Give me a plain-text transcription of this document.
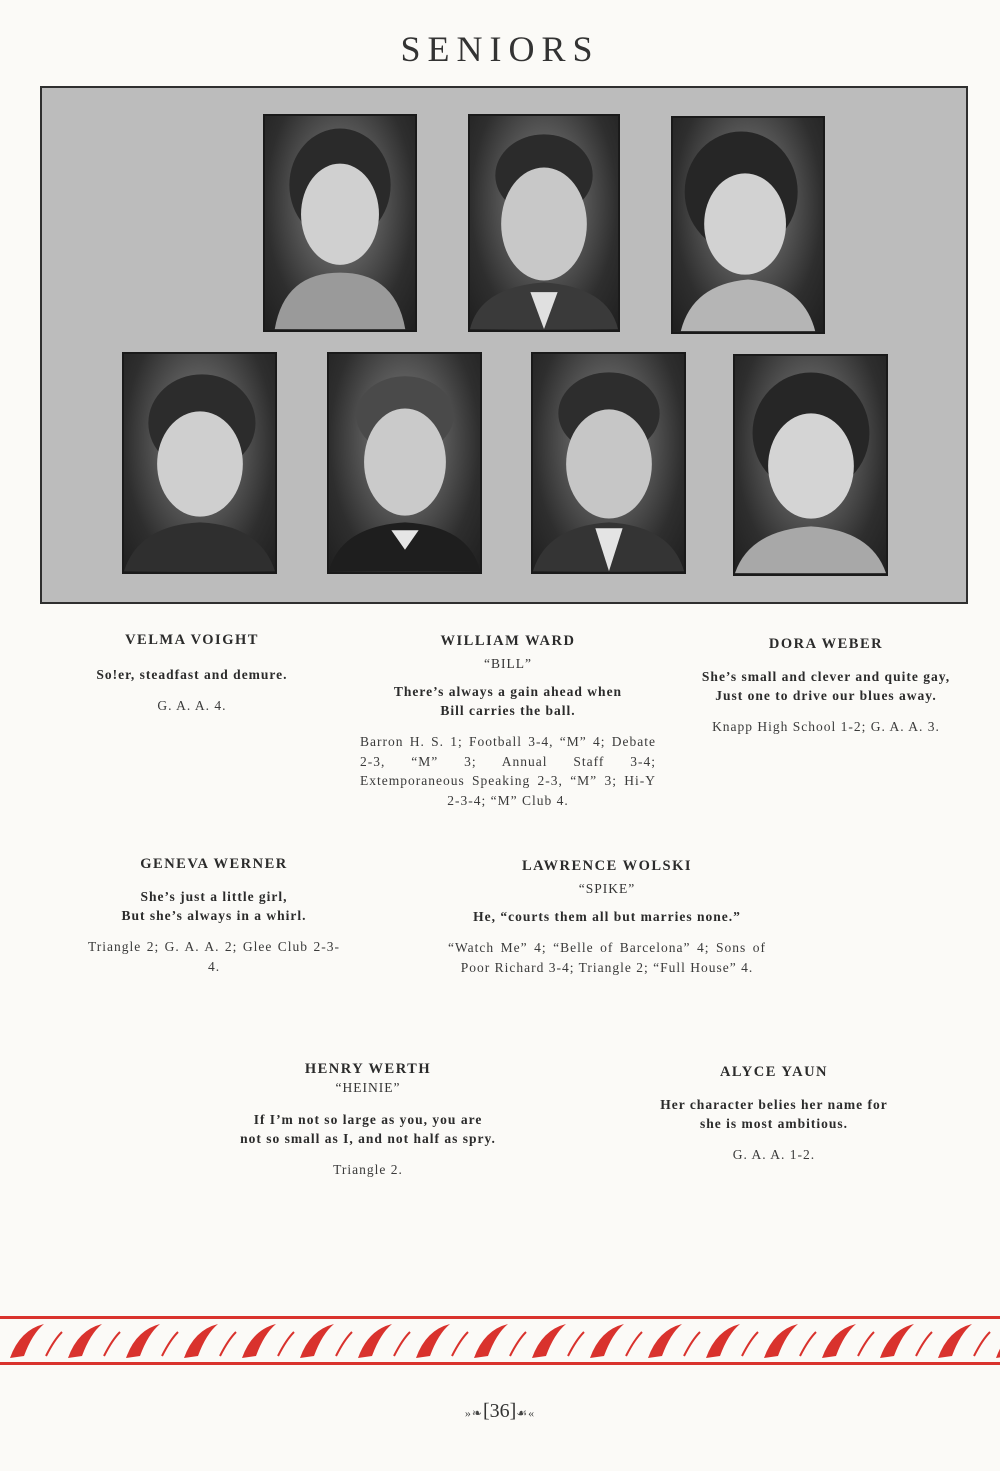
SENIORS
VELMA VOIGHT
So!er, steadfast and demure.
G. A. A. 4.
WILLIAM WARD
“BILL”
There’s always a gain ahead when
Bill carries the ball.
Barron H. S. 1; Football 3-4, “M” 4; Debate 2-3, “M” 3; Annual Staff 3-4; Extemporaneous Speaking 2-3, “M” 3; Hi-Y 2-3-4; “M” Club 4.
DORA WEBER
She’s small and clever and quite gay,
Just one to drive our blues away.
Knapp High School 1-2; G. A. A. 3.
GENEVA WERNER
She’s just a little girl,
But she’s always in a whirl.
Triangle 2; G. A. A. 2; Glee Club 2-3-4.
LAWRENCE WOLSKI
“SPIKE”
He, “courts them all but marries none.”
“Watch Me” 4; “Belle of Barcelona” 4; Sons of Poor Richard 3-4; Triangle 2; “Full House” 4.
HENRY WERTH
“HEINIE”
If I’m not so large as you, you are
not so small as I, and not half as spry.
Triangle 2.
ALYCE YAUN
Her character belies her name for
she is most ambitious.
G. A. A. 1-2.
»❧[36]☙«
